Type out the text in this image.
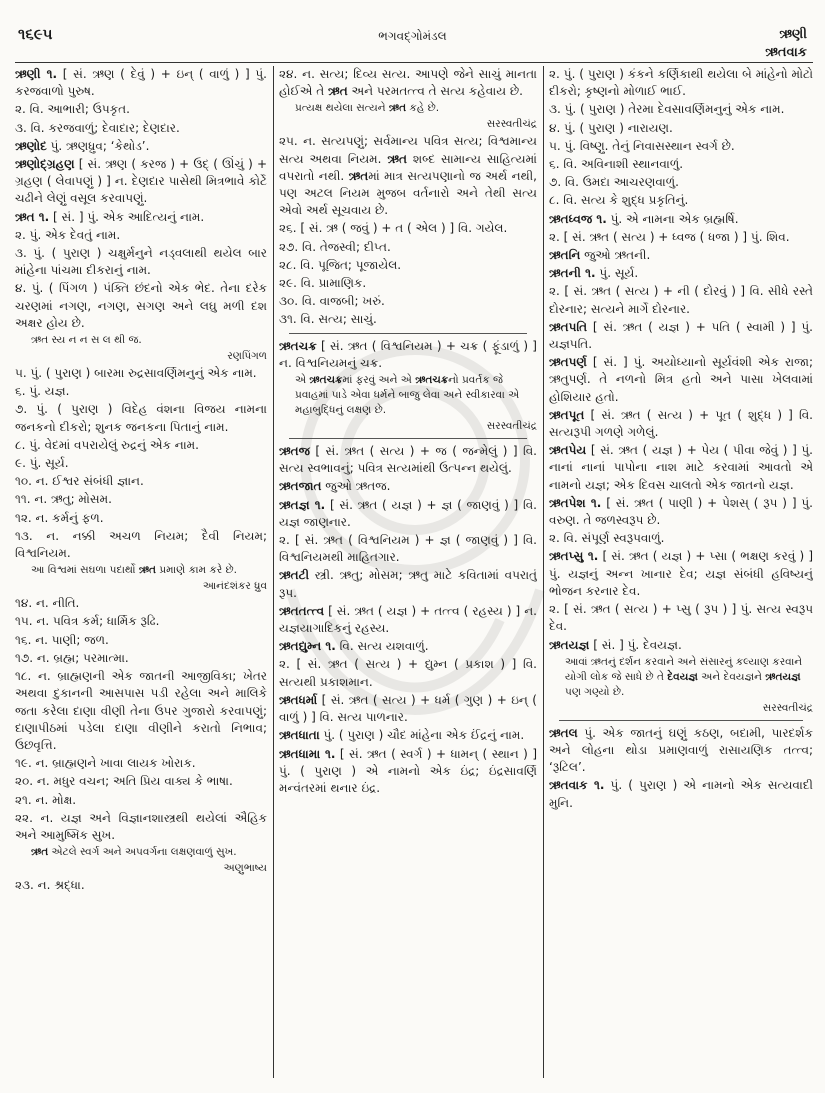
૧૬૯૫	ભગવદ્ગોમંડલ	ઋણી
ઋતવાક
ઋણી ૧. [ સં. ઋણ ( દેવું ) + ઇન્ ( વાળું ) ] પું. કરજવાળો પુરુષ.
૨. વિ. આભારી; ઉપકૃત.
૩. વિ. કરજવાળું; દેવાદાર; દેણદાર.
ઋણોદ પું. ઋણધ્રુવ; ‘કેથોડ’.
ઋણોદ્ગ્રહણ [ સં. ઋણ ( કરજ ) + ઉદ્ ( ઊંચું ) + ગ્રહણ ( લેવાપણું ) ] ન. દેણદાર પાસેથી મિત્રભાવે કોર્ટે ચઢીને લેણું વસૂલ કરવાપણું.
ઋત ૧. [ સં. ] પું. એક આદિત્યનું નામ.
૨. પું. એક દેવતું નામ.
૩. પું. ( પુરાણ ) ચક્ષુર્મનુને નડ્વલાથી થયેલ બાર માંહેના પાંચમા દીકરાનું નામ.
૪. પું. ( પિંગળ ) પંક્તિ છંદનો એક ભેદ. તેના દરેક ચરણમાં નગણ, નગણ, સગણ અને લઘુ મળી દશ અક્ષર હોય છે.
ઋત સ્ય ન ન સ લ થી જ.
રણપિંગળ
૫. પું. ( પુરાણ ) બારમા રુદ્રસાવર્ણિમનુનું એક નામ.
૬. પું. યજ્ઞ.
૭. પું. ( પુરાણ ) વિદેહ વંશના વિજય નામના જનકનો દીકરો; શુનક જનકના પિતાનું નામ.
૮. પું. વેદમાં વપરાયેલું રુદ્રનું એક નામ.
૯. પું. સૂર્ય.
૧૦. ન. ઈશ્વર સંબંધી જ્ઞાન.
૧૧. ન. ઋતુ; મોસમ.
૧૨. ન. કર્મનું ફળ.
૧૩. ન. નક્કી અચળ નિયમ; દૈવી નિયમ; વિશ્વનિયમ.
આ વિશ્વમાં સઘળા પદાર્થો ઋત પ્રમાણે કામ કરે છે.
આનંદશંકર ધ્રુવ
૧૪. ન. નીતિ.
૧૫. ન. પવિત્ર કર્મ; ધાર્મિક રૂઢિ.
૧૬. ન. પાણી; જળ.
૧૭. ન. બ્રહ્મ; પરમાત્મા.
૧૮. ન. બ્રાહ્મણની એક જાતની આજીવિકા; ખેતર અથવા દુકાનની આસપાસ પડી રહેલા અને માલિકે જતા કરેલા દાણા વીણી તેના ઉપર ગુજારો કરવાપણું; દાણાપીઠમાં પડેલા દાણા વીણીને કરાતો નિભાવ; ઉછવૃત્તિ.
૧૯. ન. બ્રાહ્મણને ખાવા લાયક ખોરાક.
૨૦. ન. મધુર વચન; અતિ પ્રિય વાક્ય કે ભાષા.
૨૧. ન. મોક્ષ.
૨૨. ન. યજ્ઞ અને વિજ્ઞાનશાસ્ત્રથી થયેલાં ઐહિક અને આમુષ્મિક સુખ.
ઋત એટલે સ્વર્ગ અને અપવર્ગના લક્ષણવાળું સુખ.
અણુભાષ્ય
૨૩. ન. શ્રદ્ધા.
૨૪. ન. સત્ય; દિવ્ય સત્ય. આપણે જેને સાચું માનતા હોઈએ તે ઋત અને પરમતત્ત્વ તે સત્ય કહેવાય છે.
પ્રત્યક્ષ થયેલા સત્યને ઋત કહે છે.
સરસ્વતીચંદ્ર
૨૫. ન. સત્યપણું; સર્વમાન્ય પવિત્ર સત્ય; વિશ્વમાન્ય સત્ય અથવા નિયમ. ઋત શબ્દ સામાન્ય સાહિત્યમાં વપરાતો નથી. ઋતમાં માત્ર સત્યપણાનો જ અર્થ નથી, પણ અટલ નિયમ મુજબ વર્તનારો અને તેથી સત્ય એવો અર્થ સૂચવાય છે.
૨૬. [ સં. ઋ ( જવું ) + ત ( એલ ) ] વિ. ગયેલ.
૨૭. વિ. તેજસ્વી; દીપ્ત.
૨૮. વિ. પૂજિત; પૂજાયેલ.
૨૯. વિ. પ્રામાણિક.
૩૦. વિ. વાજબી; ખરું.
૩૧. વિ. સત્ય; સાચું.
ઋતચક્ર [ સં. ઋત ( વિશ્વનિયમ ) + ચક્ર ( ફૂંડાળું ) ] ન. વિશ્વનિયમનું ચક્ર.
એ ઋતચક્રમાં ફરવું અને એ ઋતચક્રનો પ્રવર્તક જે પ્રવાહમાં પાડે એવા ધર્મને બાજુ લેવા અને સ્વીકારવા એ મહાબુદ્ધિનું લક્ષણ છે.
સરસ્વતીચંદ્ર
ઋતજ [ સં. ઋત ( સત્ય ) + જ ( જન્મેલું ) ] વિ. સત્ય સ્વભાવનું; પવિત્ર સત્યમાંથી ઉત્પન્ન થયેલું.
ઋતજાત જુઓ ઋતજ.
ઋતજ્ઞ ૧. [ સં. ઋત ( યજ્ઞ ) + જ્ઞ ( જાણવું ) ] વિ. યજ્ઞ જાણનાર.
૨. [ સં. ઋત ( વિશ્વનિયમ ) + જ્ઞ ( જાણવું ) ] વિ. વિશ્વનિયમથી માહિતગાર.
ઋતટી સ્ત્રી. ઋતુ; મોસમ; ઋતુ માટે કવિતામાં વપરાતું રૂપ.
ઋતતત્ત્વ [ સં. ઋત ( યજ્ઞ ) + તત્ત્વ ( રહસ્ય ) ] ન. યજ્ઞયાગાદિકનું રહસ્ય.
ઋતદ્યુમ્ન ૧. વિ. સત્ય યશવાળું.
૨. [ સં. ઋત ( સત્ય ) + દ્યુમ્ન ( પ્રકાશ ) ] વિ. સત્યથી પ્રકાશમાન.
ઋતધર્મા [ સં. ઋત ( સત્ય ) + ધર્મ ( ગુણ ) + ઇન્ ( વાળું ) ] વિ. સત્ય પાળનાર.
ઋતધાતા પું. ( પુરાણ ) ચૌદ માંહેના એક ઈંદ્રનું નામ.
ઋતધામા ૧. [ સં. ઋત ( સ્વર્ગ ) + ધામન્ ( સ્થાન ) ] પું. ( પુરાણ ) એ નામનો એક ઇંદ્ર; ઇંદ્રસાવર્ણિ મન્વંતરમાં થનાર ઇંદ્ર.
૨. પું. ( પુરાણ ) કંકને કર્ણિકાથી થયેલા બે માંહેનો મોટો દીકરો; કૃષ્ણનો મોળાઈ ભાઈ.
૩. પું. ( પુરાણ ) તેરમા દેવસાવર્ણિમનુનું એક નામ.
૪. પું. ( પુરાણ ) નારાયણ.
૫. પું. વિષ્ણુ. તેનું નિવાસસ્થાન સ્વર્ગ છે.
૬. વિ. અવિનાશી સ્થાનવાળું.
૭. વિ. ઉમદા આચરણવાળું.
૮. વિ. સત્ય કે શુદ્ધ પ્રકૃતિનું.
ઋતધ્વજ ૧. પું. એ નામના એક બ્રહ્મર્ષિ.
૨. [ સં. ઋત ( સત્ય ) + ધ્વજ ( ધજા ) ] પું. શિવ.
ઋતનિ જુઓ ઋતની.
ઋતની ૧. પું. સૂર્ય.
૨. [ સં. ઋત ( સત્ય ) + ની ( દોરવું ) ] વિ. સીધે રસ્તે દોરનાર; સત્યને માર્ગે દોરનાર.
ઋતપતિ [ સં. ઋત ( યજ્ઞ ) + પતિ ( સ્વામી ) ] પું. યજ્ઞપતિ.
ઋતપર્ણ [ સં. ] પું. અયોધ્યાનો સૂર્યવંશી એક રાજા; ઋતુપર્ણ. તે નળનો મિત્ર હતો અને પાસા ખેલવામાં હોશિયાર હતો.
ઋતપૂત [ સં. ઋત ( સત્ય ) + પૂત ( શુદ્ધ ) ] વિ. સત્યરૂપી ગળણે ગળેલું.
ઋતપેય [ સં. ઋત ( યજ્ઞ ) + પેય ( પીવા જેવું ) ] પું. નાનાં નાનાં પાપોના નાશ માટે કરવામાં આવતો એ નામનો યજ્ઞ; એક દિવસ ચાલતો એક જાતનો યજ્ઞ.
ઋતપેશ ૧. [ સં. ઋત ( પાણી ) + પેશસ્ ( રૂપ ) ] પું. વરુણ. તે જળસ્વરૂપ છે.
૨. વિ. સંપૂર્ણ સ્વરૂપવાળું.
ઋતપ્સુ ૧. [ સં. ઋત ( યજ્ઞ ) + પ્સા ( ભક્ષણ કરવું ) ] પું. યજ્ઞનું અન્ન ખાનાર દેવ; યજ્ઞ સંબંધી હવિષ્યનું ભોજન કરનાર દેવ.
૨. [ સં. ઋત ( સત્ય ) + પ્સુ ( રૂપ ) ] પું. સત્ય સ્વરૂપ દેવ.
ઋતયજ્ઞ [ સં. ] પું. દેવયજ્ઞ.
આવાં ઋતનું દર્શન કરવાને અને સંસારનું કલ્યાણ કરવાને યોગી લોક જે સાધે છે તે દેવયજ્ઞ અને દેવયજ્ઞને ઋતયજ્ઞ પણ ગણ્યો છે.
સરસ્વતીચંદ્ર
ઋતલ પું. એક જાતનું ઘણું કઠણ, બદામી, પારદર્શક અને લોહના થોડા પ્રમાણવાળું રાસાયણિક તત્ત્વ; ‘રૂટિલ’.
ઋતવાક ૧. પું. ( પુરાણ ) એ નામનો એક સત્યવાદી મુનિ.
